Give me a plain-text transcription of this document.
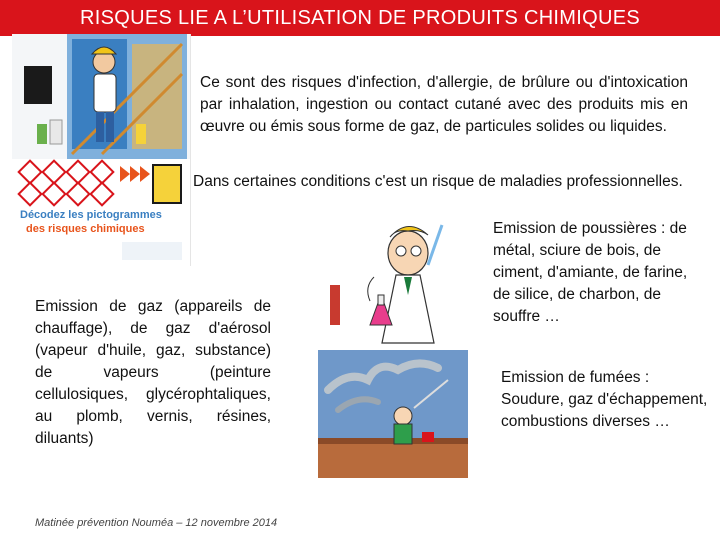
RISQUES LIE A L’UTILISATION DE PRODUITS CHIMIQUES
Décodez les pictogrammes
des risques chimiques
Ce sont des risques d'infection, d'allergie, de brûlure ou d'intoxication par inhalation, ingestion ou contact cutané avec des produits mis en œuvre ou émis sous forme de gaz, de particules solides ou liquides.
Dans certaines conditions c'est un risque de maladies professionnelles.
Emission de poussières : de métal, sciure de bois, de ciment, d'amiante, de farine, de silice, de charbon, de souffre …
Emission de gaz (appareils de chauffage), de gaz d'aérosol (vapeur d'huile, gaz, substance) de vapeurs (peinture cellulosiques, glycérophtaliques, au plomb, vernis, résines, diluants)
Emission de fumées : Soudure, gaz d'échappement, combustions diverses …
Matinée prévention Nouméa – 12 novembre 2014
